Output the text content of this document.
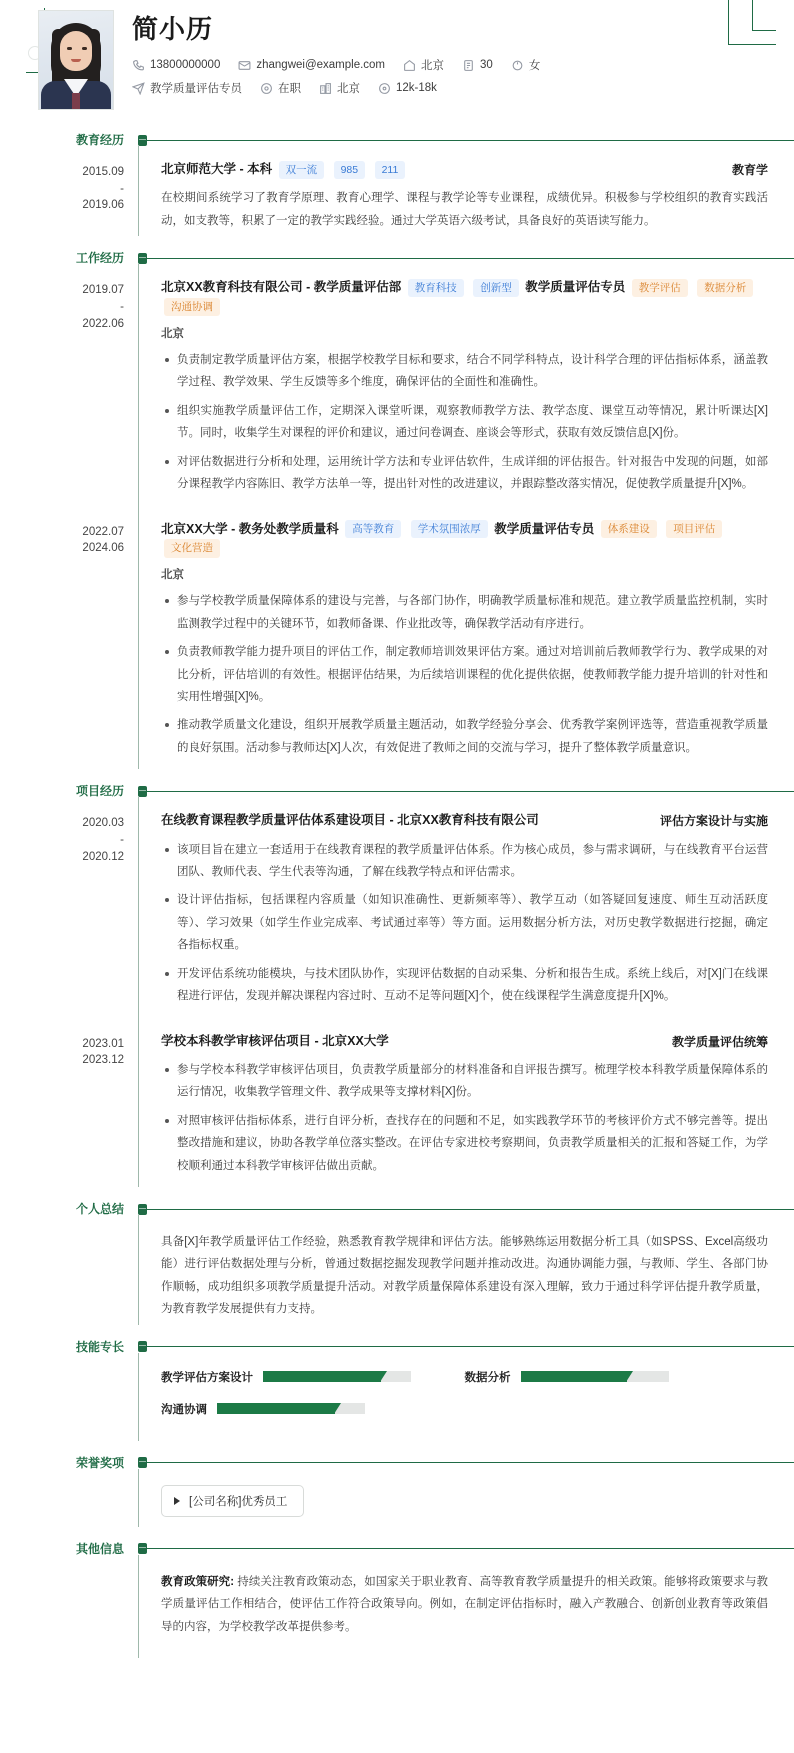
简小历
13800000000	zhangwei@example.com	北京	30	女
教学质量评估专员	在职	北京	12k-18k
教育经历
2015.09
-
2019.06
北京师范大学 - 本科 双一流 985 211	教育学
在校期间系统学习了教育学原理、教育心理学、课程与教学论等专业课程，成绩优异。积极参与学校组织的教育实践活动，如支教等，积累了一定的教学实践经验。通过大学英语六级考试，具备良好的英语读写能力。
工作经历
2019.07
-
2022.06
北京XX教育科技有限公司 - 教学质量评估部 教育科技 创新型 教学质量评估专员 教学评估 数据分析 沟通协调
北京
负责制定教学质量评估方案，根据学校教学目标和要求，结合不同学科特点，设计科学合理的评估指标体系，涵盖教学过程、教学效果、学生反馈等多个维度，确保评估的全面性和准确性。
组织实施教学质量评估工作，定期深入课堂听课，观察教师教学方法、教学态度、课堂互动等情况，累计听课达[X]节。同时，收集学生对课程的评价和建议，通过问卷调查、座谈会等形式，获取有效反馈信息[X]份。
对评估数据进行分析和处理，运用统计学方法和专业评估软件，生成详细的评估报告。针对报告中发现的问题，如部分课程教学内容陈旧、教学方法单一等，提出针对性的改进建议，并跟踪整改落实情况，促使教学质量提升[X]%。
2022.07
2024.06
北京XX大学 - 教务处教学质量科 高等教育 学术氛围浓厚 教学质量评估专员 体系建设 项目评估 文化营造
北京
参与学校教学质量保障体系的建设与完善，与各部门协作，明确教学质量标准和规范。建立教学质量监控机制，实时监测教学过程中的关键环节，如教师备课、作业批改等，确保教学活动有序进行。
负责教师教学能力提升项目的评估工作，制定教师培训效果评估方案。通过对培训前后教师教学行为、教学成果的对比分析，评估培训的有效性。根据评估结果，为后续培训课程的优化提供依据，使教师教学能力提升培训的针对性和实用性增强[X]%。
推动教学质量文化建设，组织开展教学质量主题活动，如教学经验分享会、优秀教学案例评选等，营造重视教学质量的良好氛围。活动参与教师达[X]人次，有效促进了教师之间的交流与学习，提升了整体教学质量意识。
项目经历
2020.03
-
2020.12
在线教育课程教学质量评估体系建设项目 - 北京XX教育科技有限公司	评估方案设计与实施
该项目旨在建立一套适用于在线教育课程的教学质量评估体系。作为核心成员，参与需求调研，与在线教育平台运营团队、教师代表、学生代表等沟通，了解在线教学特点和评估需求。
设计评估指标，包括课程内容质量（如知识准确性、更新频率等）、教学互动（如答疑回复速度、师生互动活跃度等）、学习效果（如学生作业完成率、考试通过率等）等方面。运用数据分析方法，对历史教学数据进行挖掘，确定各指标权重。
开发评估系统功能模块，与技术团队协作，实现评估数据的自动采集、分析和报告生成。系统上线后，对[X]门在线课程进行评估，发现并解决课程内容过时、互动不足等问题[X]个，使在线课程学生满意度提升[X]%。
2023.01
2023.12
学校本科教学审核评估项目 - 北京XX大学	教学质量评估统筹
参与学校本科教学审核评估项目，负责教学质量部分的材料准备和自评报告撰写。梳理学校本科教学质量保障体系的运行情况，收集教学管理文件、教学成果等支撑材料[X]份。
对照审核评估指标体系，进行自评分析，查找存在的问题和不足，如实践教学环节的考核评价方式不够完善等。提出整改措施和建议，协助各教学单位落实整改。在评估专家进校考察期间，负责教学质量相关的汇报和答疑工作，为学校顺利通过本科教学审核评估做出贡献。
个人总结
具备[X]年教学质量评估工作经验，熟悉教育教学规律和评估方法。能够熟练运用数据分析工具（如SPSS、Excel高级功能）进行评估数据处理与分析，曾通过数据挖掘发现教学问题并推动改进。沟通协调能力强，与教师、学生、各部门协作顺畅，成功组织多项教学质量提升活动。对教学质量保障体系建设有深入理解，致力于通过科学评估提升教学质量，为教育教学发展提供有力支持。
技能专长
教学评估方案设计	数据分析
沟通协调
荣誉奖项
[公司名称]优秀员工
其他信息
教育政策研究: 持续关注教育政策动态，如国家关于职业教育、高等教育教学质量提升的相关政策。能够将政策要求与教学质量评估工作相结合，使评估工作符合政策导向。例如，在制定评估指标时，融入产教融合、创新创业教育等政策倡导的内容，为学校教学改革提供参考。
